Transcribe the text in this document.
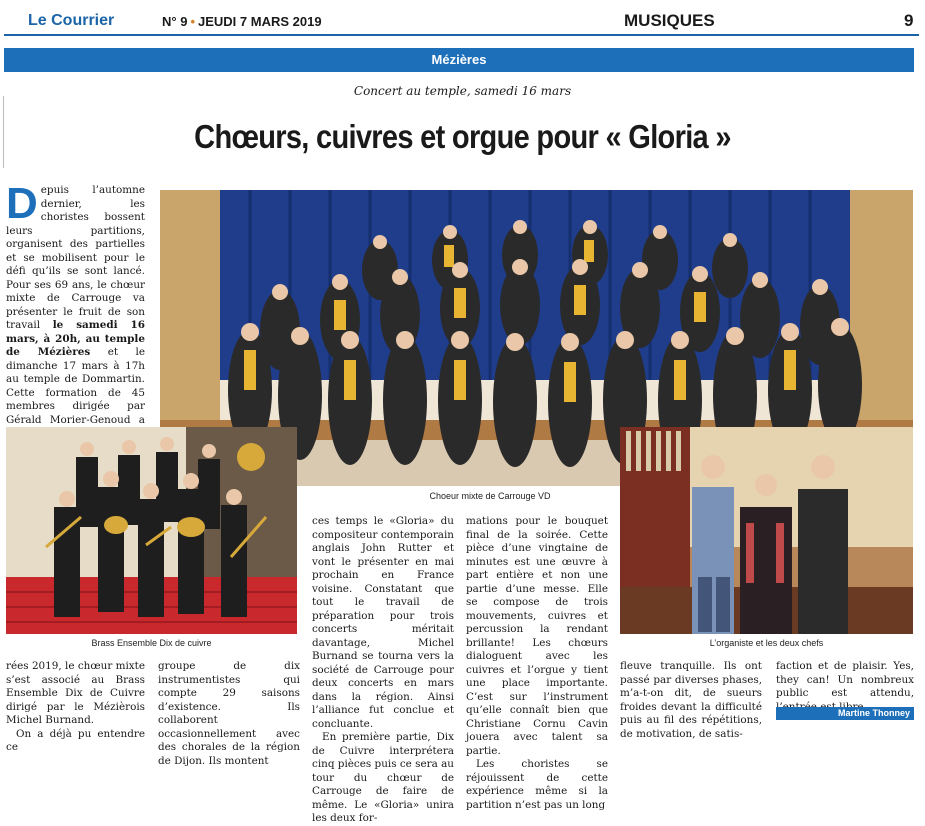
Le Courrier	N° 9 • JEUDI 7 MARS 2019	MUSIQUES	9
Mézières
Concert au temple, samedi 16 mars
Chœurs, cuivres et orgue pour « Gloria »

Depuis l’automne dernier, les choristes bossent leurs partitions, organisent des partielles et se mobilisent pour le défi qu’ils se sont lancé. Pour ses 69 ans, le chœur mixte de Carrouge va présenter le fruit de son travail le samedi 16 mars, à 20h, au temple de Mézières et le dimanche 17 mars à 17h au temple de Dommartin. Cette formation de 45 membres dirigée par Gérald Morier-Genoud a

Choeur mixte de Carrouge VD
Brass Ensemble Dix de cuivre	L’organiste et les deux chefs

rées 2019, le chœur mixte s’est associé au Brass Ensemble Dix de Cuivre dirigé par le Mézièrois Michel Burnand.

On a déjà pu entendre ce

groupe de dix instrumentistes qui compte 29 saisons d’existence. Ils collaborent occasionnellement avec des chorales de la région de Dijon. Ils montent

ces temps le «Gloria» du compositeur contemporain anglais John Rutter et vont le présenter en mai prochain en France voisine. Constatant que tout le travail de préparation pour trois concerts méritait davantage, Michel Burnand se tourna vers la société de Carrouge pour deux concerts en mars dans la région. Ainsi l’alliance fut conclue et concluante.

En première partie, Dix de Cuivre interprétera cinq pièces puis ce sera au tour du chœur de Carrouge de faire de même. Le «Gloria» unira les deux for-

mations pour le bouquet final de la soirée. Cette pièce d’une vingtaine de minutes est une œuvre à part entière et non une partie d’une messe. Elle se compose de trois mouvements, cuivres et percussion la rendant brillante! Les chœurs dialoguent avec les cuivres et l’orgue y tient une place importante. C’est sur l’instrument qu’elle connaît bien que Christiane Cornu Cavin jouera avec talent sa partie.

Les choristes se réjouissent de cette expérience même si la partition n’est pas un long

fleuve tranquille. Ils ont passé par diverses phases, m’a-t-on dit, de sueurs froides devant la difficulté puis au fil des répétitions, de motivation, de satis-

faction et de plaisir. Yes, they can! Un nombreux public est attendu,

Martine Thonney
